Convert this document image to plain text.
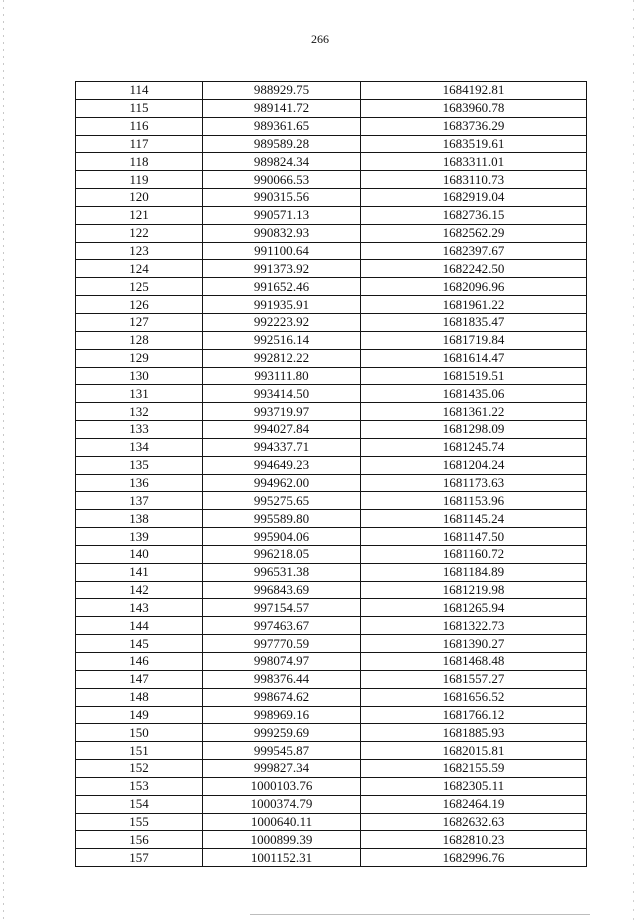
266
114	988929.75	1684192.81
115	989141.72	1683960.78
116	989361.65	1683736.29
117	989589.28	1683519.61
118	989824.34	1683311.01
119	990066.53	1683110.73
120	990315.56	1682919.04
121	990571.13	1682736.15
122	990832.93	1682562.29
123	991100.64	1682397.67
124	991373.92	1682242.50
125	991652.46	1682096.96
126	991935.91	1681961.22
127	992223.92	1681835.47
128	992516.14	1681719.84
129	992812.22	1681614.47
130	993111.80	1681519.51
131	993414.50	1681435.06
132	993719.97	1681361.22
133	994027.84	1681298.09
134	994337.71	1681245.74
135	994649.23	1681204.24
136	994962.00	1681173.63
137	995275.65	1681153.96
138	995589.80	1681145.24
139	995904.06	1681147.50
140	996218.05	1681160.72
141	996531.38	1681184.89
142	996843.69	1681219.98
143	997154.57	1681265.94
144	997463.67	1681322.73
145	997770.59	1681390.27
146	998074.97	1681468.48
147	998376.44	1681557.27
148	998674.62	1681656.52
149	998969.16	1681766.12
150	999259.69	1681885.93
151	999545.87	1682015.81
152	999827.34	1682155.59
153	1000103.76	1682305.11
154	1000374.79	1682464.19
155	1000640.11	1682632.63
156	1000899.39	1682810.23
157	1001152.31	1682996.76
